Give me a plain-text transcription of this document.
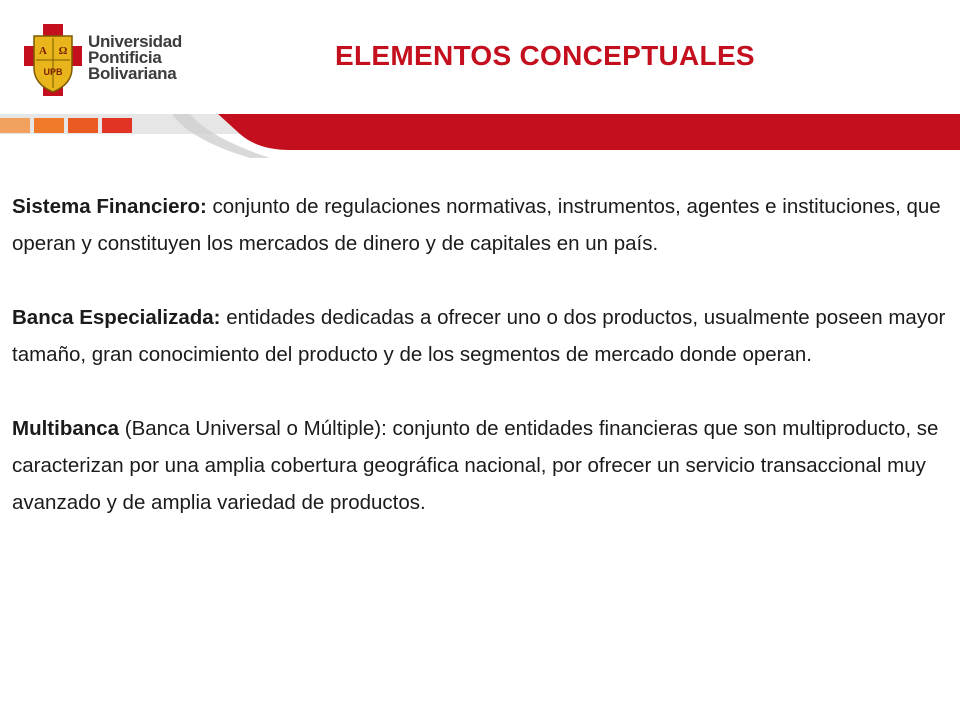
A Ω
UPB
Universidad
Pontificia
Bolivariana
ELEMENTOS CONCEPTUALES

Sistema Financiero: conjunto de regulaciones normativas, instrumentos, agentes e instituciones, que operan y constituyen los mercados de dinero y de capitales en un país.

Banca Especializada: entidades dedicadas a ofrecer uno o dos productos, usualmente poseen mayor tamaño, gran conocimiento del producto y de los segmentos de mercado donde operan.

Multibanca (Banca Universal o Múltiple): conjunto de entidades financieras que son multiproducto, se caracterizan por una amplia cobertura geográfica nacional, por ofrecer un servicio transaccional muy avanzado y de amplia variedad de productos.
